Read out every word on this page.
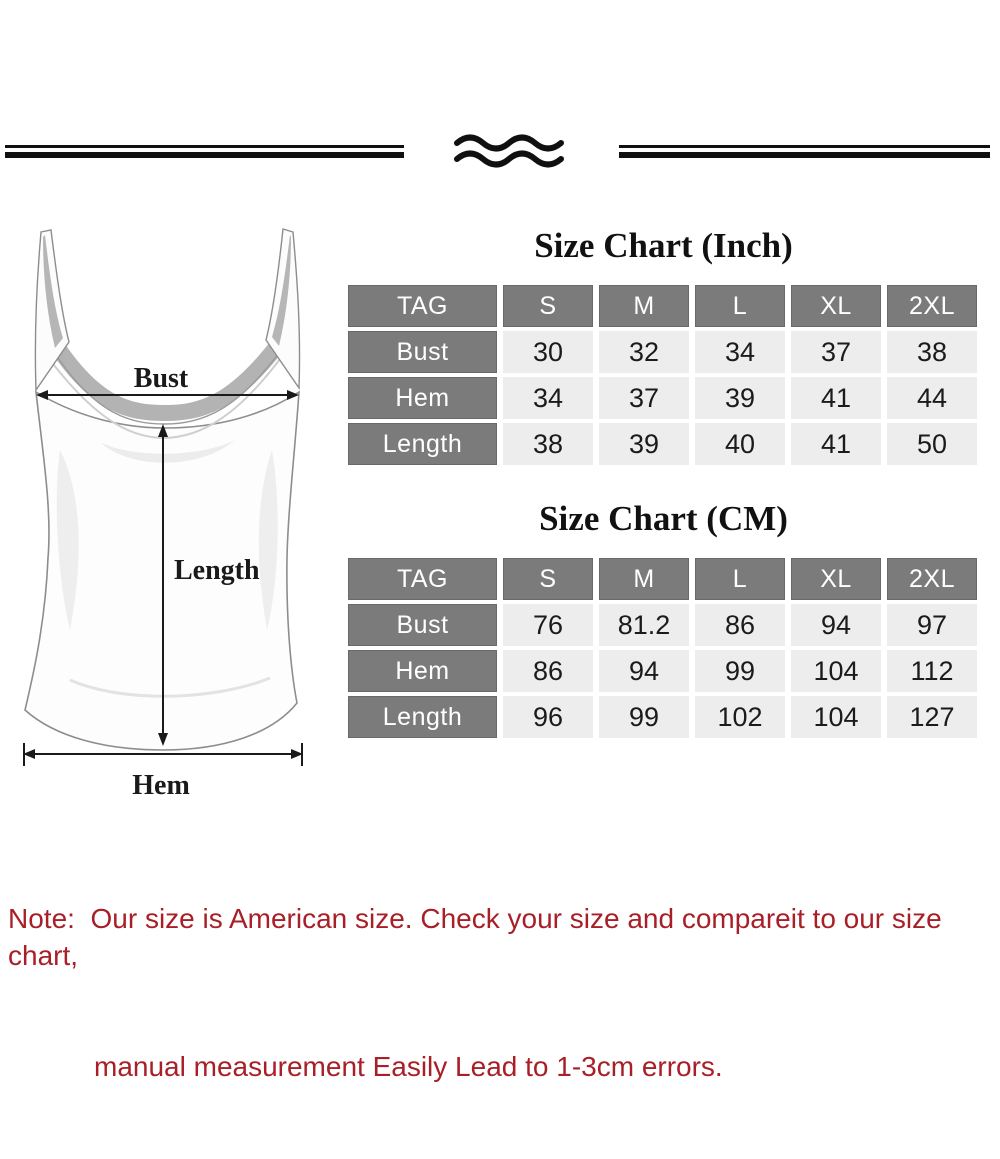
Bust
Length
Hem
Size Chart (Inch)
TAG	S	M	L	XL	2XL
Bust	30	32	34	37	38
Hem	34	37	39	41	44
Length	38	39	40	41	50
Size Chart (CM)
TAG	S	M	L	XL	2XL
Bust	76	81.2	86	94	97
Hem	86	94	99	104	112
Length	96	99	102	104	127

Note:  Our size is American size. Check your size and compareit to our size chart,

manual measurement Easily Lead to 1-3cm errors.
